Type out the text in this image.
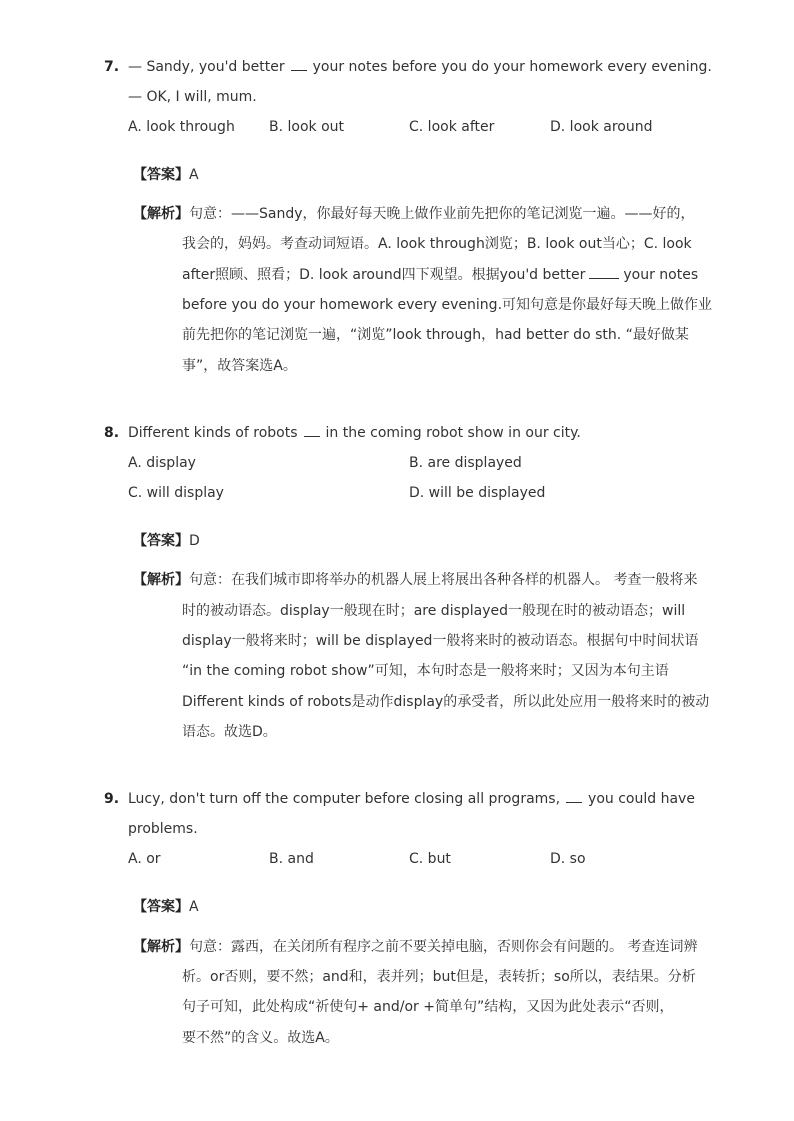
7. — Sandy, you'd better your notes before you do your homework every evening.
— OK, I will, mum.
A. look through B. look out	C. look after	D. look around
【答案】A
【解析】句意：——Sandy，你最好每天晚上做作业前先把你的笔记浏览一遍。——好的，
我会的，妈妈。考查动词短语。A. look through浏览；B. look out当心；C. look
after照顾、照看；D. look around四下观望。根据you'd better	your notes
before you do your homework every evening.可知句意是你最好每天晚上做作业
前先把你的笔记浏览一遍，“浏览”look through，had better do sth. “最好做某
事”，故答案选A。
8. Different kinds of robots in the coming robot show in our city.
A. display	B. are displayed
C. will display	D. will be displayed
【答案】D
【解析】句意：在我们城市即将举办的机器人展上将展出各种各样的机器人。 考查一般将来
时的被动语态。display一般现在时；are displayed一般现在时的被动语态；will
display一般将来时；will be displayed一般将来时的被动语态。根据句中时间状语
“in the coming robot show”可知，本句时态是一般将来时；又因为本句主语
Different kinds of robots是动作display的承受者，所以此处应用一般将来时的被动
语态。故选D。
9. Lucy, don't turn off the computer before closing all programs, you could have
problems.
A. or	B. and	C. but	D. so
【答案】A
【解析】句意：露西，在关闭所有程序之前不要关掉电脑，否则你会有问题的。 考查连词辨
析。or否则，要不然；and和，表并列；but但是，表转折；so所以，表结果。分析
句子可知，此处构成“祈使句+ and/or +简单句”结构，又因为此处表示“否则，
要不然”的含义。故选A。
